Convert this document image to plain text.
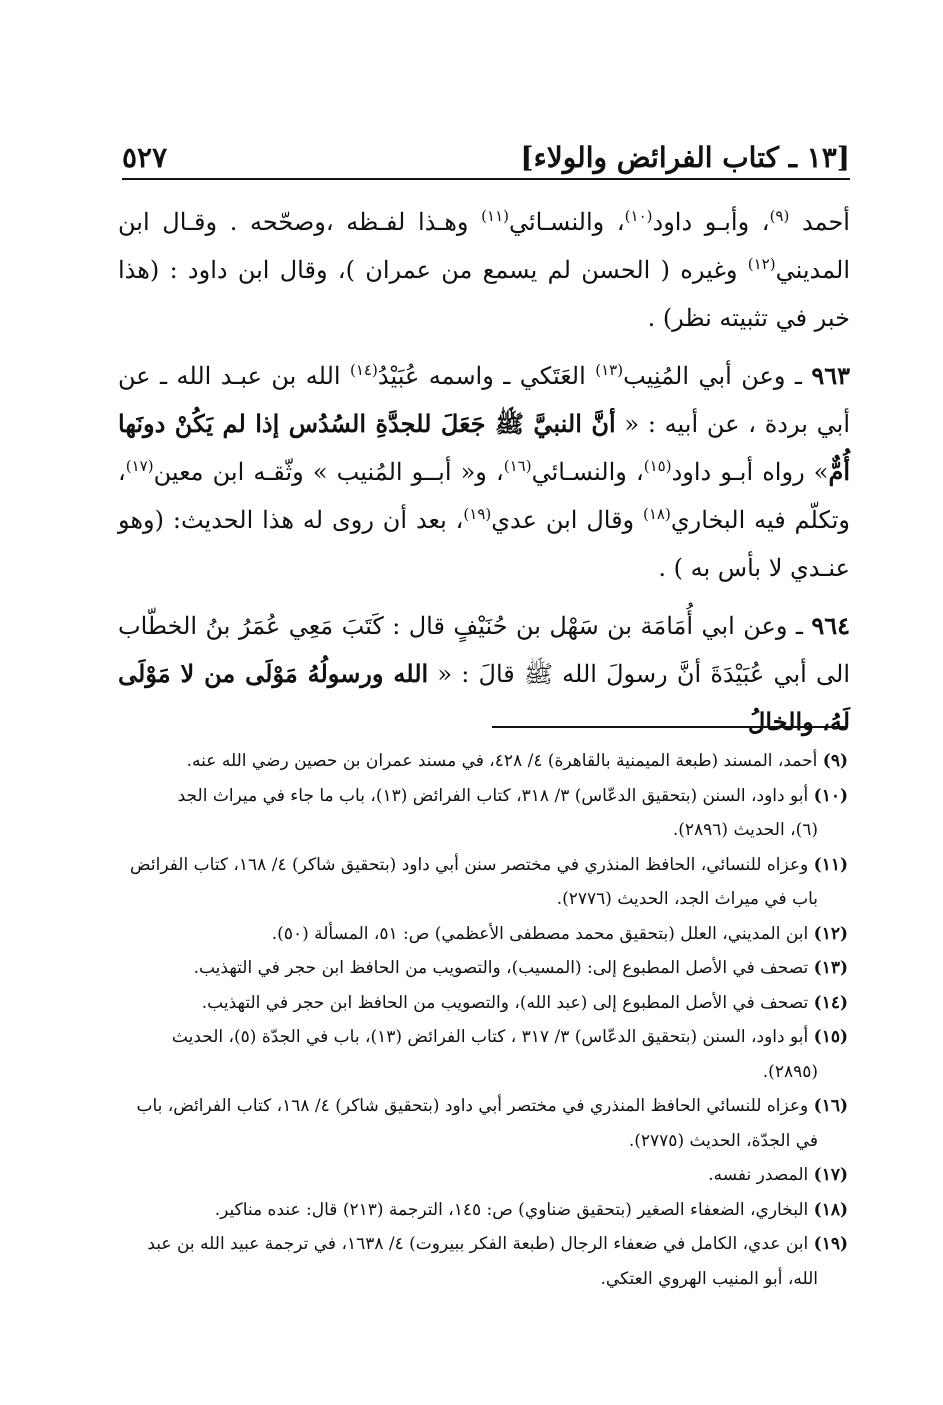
[١٣ ـ كتاب الفرائض والولاء]
٥٢٧

أحمد $^{(٩)}$، وأبـو داود$^{(١٠)}$، والنسـائي$^{(١١)}$ وهـذا لفـظه ،وصحّحه . وقـال ابن المديني$^{(١٢)}$ وغيره ( الحسن لم يسمع من عمران )، وقال ابن داود : (هذا خبر في تثبيته نظر) .

٩٦٣ ـ وعن أبي المُنِيب$^{(١٣)}$ العَتَكي ـ واسمه عُبَيْدُ$^{(١٤)}$ الله بن عبـد الله ـ عن أبي بردة ، عن أبيه : « أنَّ النبيَّ ﷺ جَعَلَ للجدَّةِ السُدُس إذا لم يَكُنْ دونَها أُمٌّ» رواه أبـو داود$^{(١٥)}$، والنسـائي$^{(١٦)}$، و« أبــو المُنيب » وثّقـه ابن معين$^{(١٧)}$، وتكلّم فيه البخاري$^{(١٨)}$ وقال ابن عدي$^{(١٩)}$، بعد أن روى له هذا الحديث: (وهو عنـدي لا بأس به ) .

٩٦٤ ـ وعن ابي أُمَامَة بن سَهْل بن حُنَيْفٍ قال : كَتَبَ مَعِي عُمَرُ بنُ الخطّاب الى أبي عُبَيْدَةَ أنَّ رسولَ الله ﷺ قالَ : « الله ورسولُهُ مَوْلَى من لا مَوْلَى لَهُ، والخالُ

(٩) أحمد، المسند (طبعة الميمنية بالقاهرة) ٤/ ٤٢٨، في مسند عمران بن حصين رضي الله عنه.

(١٠) أبو داود، السنن (بتحقيق الدعّاس) ٣/ ٣١٨، كتاب الفرائض (١٣)، باب ما جاء في ميراث الجد
(٦)، الحديث (٢٨٩٦).

(١١) وعزاه للنسائي، الحافظ المنذري في مختصر سنن أبي داود (بتحقيق شاكر) ٤/ ١٦٨، كتاب الفرائض
باب في ميراث الجد، الحديث (٢٧٧٦).

(١٢) ابن المديني، العلل (بتحقيق محمد مصطفى الأعظمي) ص: ٥١، المسألة (٥٠).

(١٣) تصحف في الأصل المطبوع إلى: (المسيب)، والتصويب من الحافظ ابن حجر في التهذيب.

(١٤) تصحف في الأصل المطبوع إلى (عبد الله)، والتصويب من الحافظ ابن حجر في التهذيب.

(١٥) أبو داود، السنن (بتحقيق الدعّاس) ٣/ ٣١٧ ، كتاب الفرائض (١٣)، باب في الجدّة (٥)، الحديث
(٢٨٩٥).

(١٦) وعزاه للنسائي الحافظ المنذري في مختصر أبي داود (بتحقيق شاكر) ٤/ ١٦٨، كتاب الفرائض، باب
في الجدّة، الحديث (٢٧٧٥).

(١٧) المصدر نفسه.

(١٨) البخاري، الضعفاء الصغير (بتحقيق ضناوي) ص: ١٤٥، الترجمة (٢١٣) قال: عنده مناكير.

(١٩) ابن عدي، الكامل في ضعفاء الرجال (طبعة الفكر ببيروت) ٤/ ١٦٣٨، في ترجمة عبيد الله بن عبد
الله، أبو المنيب الهروي العتكي.
